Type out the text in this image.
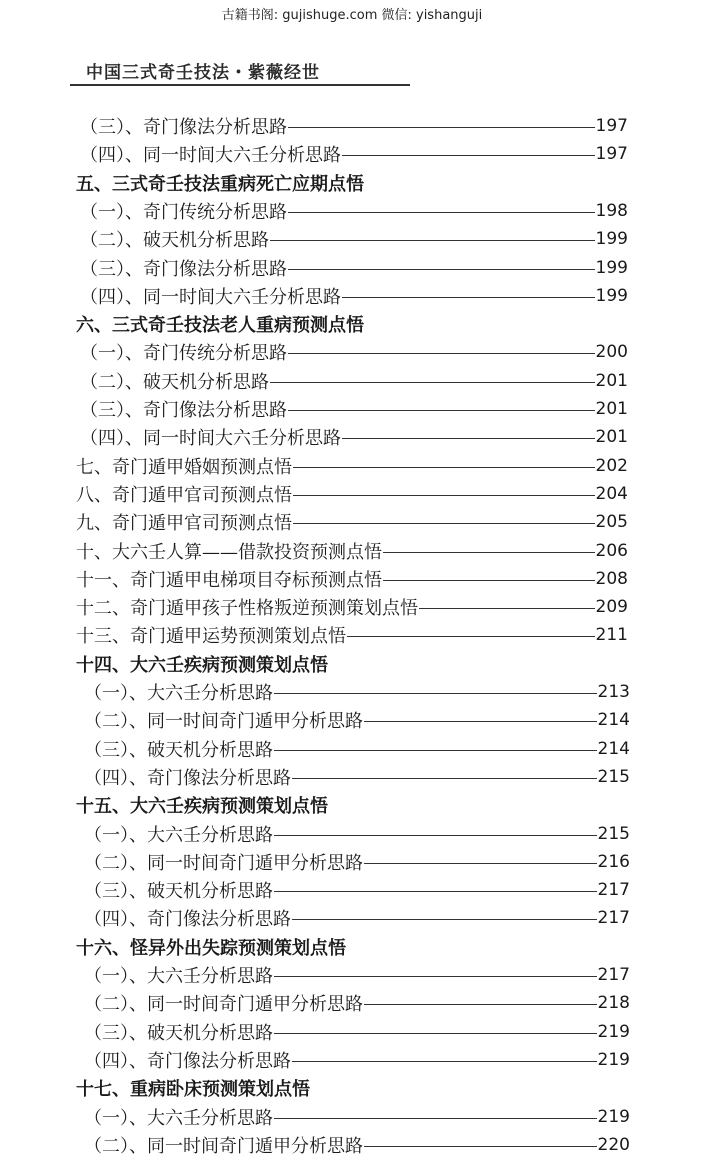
古籍书阁: gujishuge.com 微信: yishanguji
中国三式奇壬技法・紫薇经世
（三）、奇门像法分析思路	197
（四）、同一时间大六壬分析思路	197
五、三式奇壬技法重病死亡应期点悟
（一）、奇门传统分析思路	198
（二）、破天机分析思路	199
（三）、奇门像法分析思路	199
（四）、同一时间大六壬分析思路	199
六、三式奇壬技法老人重病预测点悟
（一）、奇门传统分析思路	200
（二）、破天机分析思路	201
（三）、奇门像法分析思路	201
（四）、同一时间大六壬分析思路	201
七、奇门遁甲婚姻预测点悟	202
八、奇门遁甲官司预测点悟	204
九、奇门遁甲官司预测点悟	205
十、大六壬人算——借款投资预测点悟	206
十一、奇门遁甲电梯项目夺标预测点悟	208
十二、奇门遁甲孩子性格叛逆预测策划点悟	209
十三、奇门遁甲运势预测策划点悟	211
十四、大六壬疾病预测策划点悟
（一）、大六壬分析思路	213
（二）、同一时间奇门遁甲分析思路	214
（三）、破天机分析思路	214
（四）、奇门像法分析思路	215
十五、大六壬疾病预测策划点悟
（一）、大六壬分析思路	215
（二）、同一时间奇门遁甲分析思路	216
（三）、破天机分析思路	217
（四）、奇门像法分析思路	217
十六、怪异外出失踪预测策划点悟
（一）、大六壬分析思路	217
（二）、同一时间奇门遁甲分析思路	218
（三）、破天机分析思路	219
（四）、奇门像法分析思路	219
十七、重病卧床预测策划点悟
（一）、大六壬分析思路	219
（二）、同一时间奇门遁甲分析思路	220
